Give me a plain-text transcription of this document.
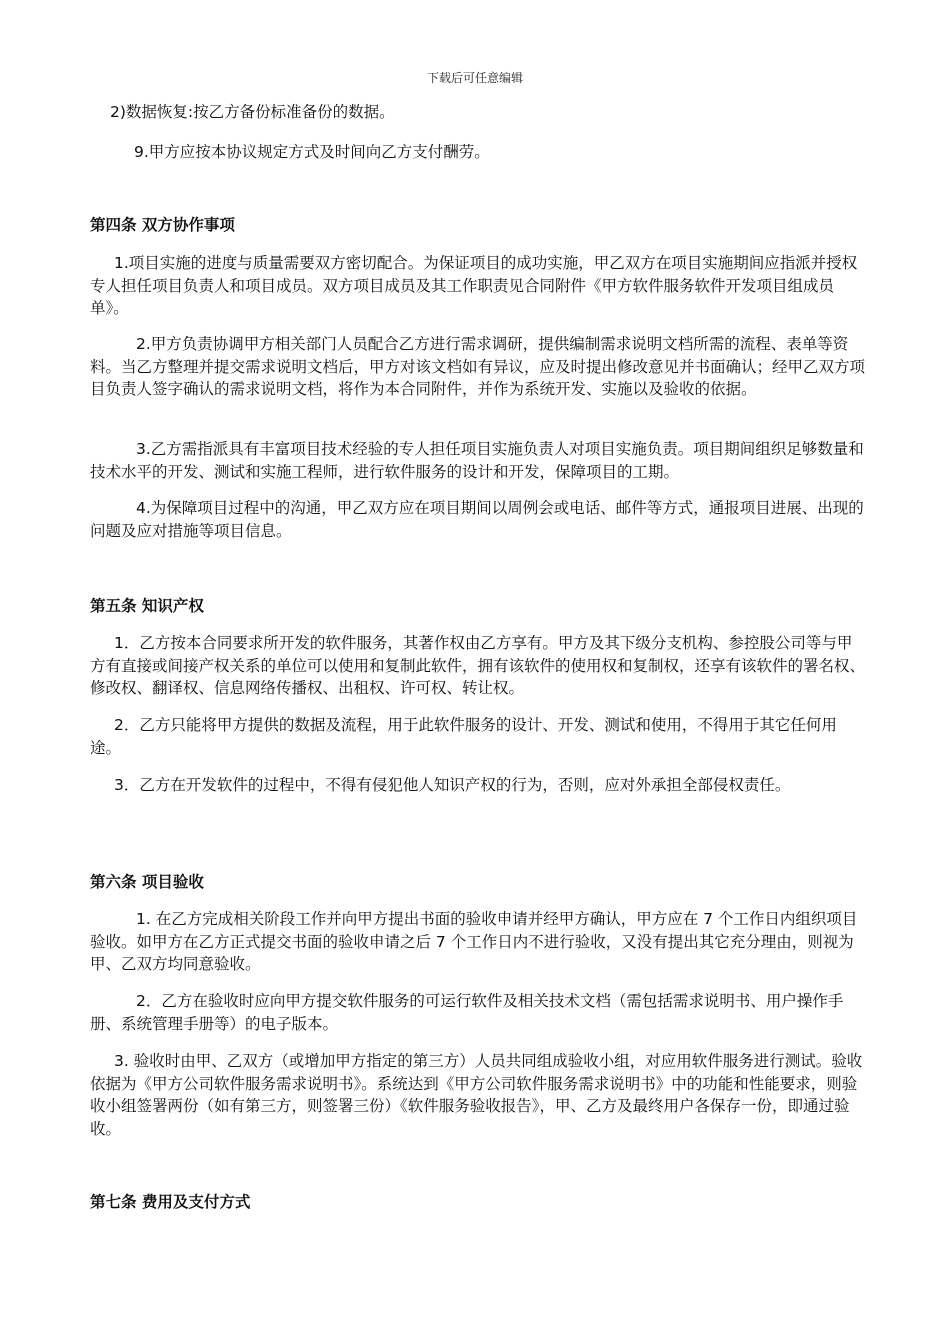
下载后可任意编辑

2)数据恢复:按乙方备份标准备份的数据。

9.甲方应按本协议规定方式及时间向乙方支付酬劳。

第四条 双方协作事项

1.项目实施的进度与质量需要双方密切配合。为保证项目的成功实施，甲乙双方在项目实施期间应指派并授权专人担任项目负责人和项目成员。双方项目成员及其工作职责见合同附件《甲方软件服务软件开发项目组成员单》。

2.甲方负责协调甲方相关部门人员配合乙方进行需求调研，提供编制需求说明文档所需的流程、表单等资料。当乙方整理并提交需求说明文档后，甲方对该文档如有异议，应及时提出修改意见并书面确认；经甲乙双方项目负责人签字确认的需求说明文档，将作为本合同附件，并作为系统开发、实施以及验收的依据。

3.乙方需指派具有丰富项目技术经验的专人担任项目实施负责人对项目实施负责。项目期间组织足够数量和技术水平的开发、测试和实施工程师，进行软件服务的设计和开发，保障项目的工期。

4.为保障项目过程中的沟通，甲乙双方应在项目期间以周例会或电话、邮件等方式，通报项目进展、出现的问题及应对措施等项目信息。

第五条 知识产权

1．乙方按本合同要求所开发的软件服务，其著作权由乙方享有。甲方及其下级分支机构、参控股公司等与甲方有直接或间接产权关系的单位可以使用和复制此软件，拥有该软件的使用权和复制权，还享有该软件的署名权、修改权、翻译权、信息网络传播权、出租权、许可权、转让权。

2．乙方只能将甲方提供的数据及流程，用于此软件服务的设计、开发、测试和使用，不得用于其它任何用途。

3．乙方在开发软件的过程中，不得有侵犯他人知识产权的行为，否则，应对外承担全部侵权责任。

第六条 项目验收

1. 在乙方完成相关阶段工作并向甲方提出书面的验收申请并经甲方确认，甲方应在 7 个工作日内组织项目验收。如甲方在乙方正式提交书面的验收申请之后 7 个工作日内不进行验收，又没有提出其它充分理由，则视为甲、乙双方均同意验收。

2．乙方在验收时应向甲方提交软件服务的可运行软件及相关技术文档（需包括需求说明书、用户操作手册、系统管理手册等）的电子版本。

3. 验收时由甲、乙双方（或增加甲方指定的第三方）人员共同组成验收小组，对应用软件服务进行测试。验收依据为《甲方公司软件服务需求说明书》。系统达到《甲方公司软件服务需求说明书》中的功能和性能要求，则验收小组签署两份（如有第三方，则签署三份）《软件服务验收报告》，甲、乙方及最终用户各保存一份，即通过验收。

第七条 费用及支付方式
